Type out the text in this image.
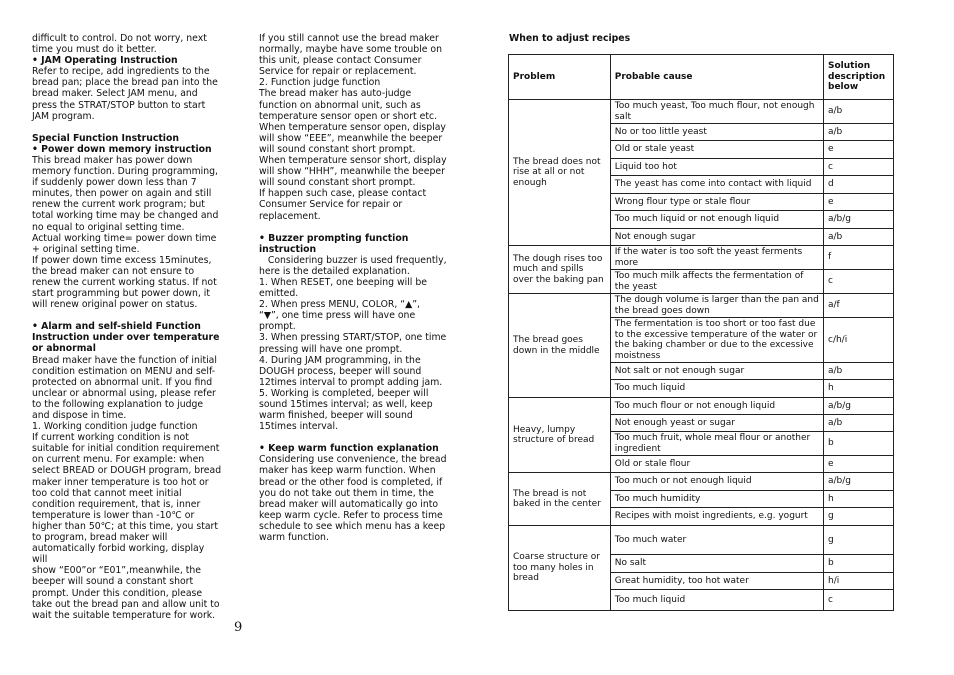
difficult to control. Do not worry, next

time you must do it better.

• JAM Operating Instruction

Refer to recipe, add ingredients to the

bread pan; place the bread pan into the

bread maker. Select JAM menu, and

press the STRAT/STOP button to start

JAM program.

Special Function Instruction

• Power down memory instruction

This bread maker has power down

memory function. During programming,

if suddenly power down less than 7

minutes, then power on again and still

renew the current work program; but

total working time may be changed and

no equal to original setting time.

Actual working time= power down time

+ original setting time.

If power down time excess 15minutes,

the bread maker can not ensure to

renew the current working status. If not

start programming but power down, it

will renew original power on status.

• Alarm and self-shield Function

Instruction under over temperature

or abnormal

Bread maker have the function of initial

condition estimation on MENU and self-

protected on abnormal unit. If you find

unclear or abnormal using, please refer

to the following explanation to judge

and dispose in time.

1. Working condition judge function

If current working condition is not

suitable for initial condition requirement

on current menu. For example: when

select BREAD or DOUGH program, bread

maker inner temperature is too hot or

too cold that cannot meet initial

condition requirement, that is, inner

temperature is lower than -10℃ or

higher than 50℃; at this time, you start

to program, bread maker will

automatically forbid working, display will

show “E00”or “E01”,meanwhile, the

beeper will sound a constant short

prompt. Under this condition, please

take out the bread pan and allow unit to

wait the suitable temperature for work.

If you still cannot use the bread maker

normally, maybe have some trouble on

this unit, please contact Consumer

Service for repair or replacement.

2. Function judge function

The bread maker has auto-judge

function on abnormal unit, such as

temperature sensor open or short etc.

When temperature sensor open, display

will show “EEE”, meanwhile the beeper

will sound constant short prompt.

When temperature sensor short, display

will show “HHH”, meanwhile the beeper

will sound constant short prompt.

If happen such case, please contact

Consumer Service for repair or

replacement.

• Buzzer prompting function

instruction

Considering buzzer is used frequently,

here is the detailed explanation.

1. When RESET, one beeping will be

emitted.

2. When press MENU, COLOR, “▲”,

“▼”, one time press will have one

prompt.

3. When pressing START/STOP, one time

pressing will have one prompt.

4. During JAM programming, in the

DOUGH process, beeper will sound

12times interval to prompt adding jam.

5. Working is completed, beeper will

sound 15times interval; as well, keep

warm finished, beeper will sound

15times interval.

• Keep warm function explanation

Considering use convenience, the bread

maker has keep warm function. When

bread or the other food is completed, if

you do not take out them in time, the

bread maker will automatically go into

keep warm cycle. Refer to process time

schedule to see which menu has a keep

warm function.

9
When to adjust recipes
Problem	Probable cause	Solution description below
The bread does not rise at all or not enough	Too much yeast, Too much flour, not enough salt	a/b
	No or too little yeast	a/b
	Old or stale yeast	e
	Liquid too hot	c
	The yeast has come into contact with liquid	d
	Wrong flour type or stale flour	e
	Too much liquid or not enough liquid	a/b/g
	Not enough sugar	a/b
The dough rises too much and spills over the baking pan	If the water is too soft the yeast ferments more	f
	Too much milk affects the fermentation of the yeast	c
The bread goes down in the middle	The dough volume is larger than the pan and the bread goes down	a/f
	The fermentation is too short or too fast due to the excessive temperature of the water or the baking chamber or due to the excessive moistness	c/h/i
	Not salt or not enough sugar	a/b
	Too much liquid	h
Heavy, lumpy structure of bread	Too much flour or not enough liquid	a/b/g
	Not enough yeast or sugar	a/b
	Too much fruit, whole meal flour or another ingredient	b
	Old or stale flour	e
The bread is not baked in the center	Too much or not enough liquid	a/b/g
	Too much humidity	h
	Recipes with moist ingredients, e.g. yogurt	g
Coarse structure or too many holes in bread	Too much water	g
	No salt	b
	Great humidity, too hot water	h/i
	Too much liquid	c
